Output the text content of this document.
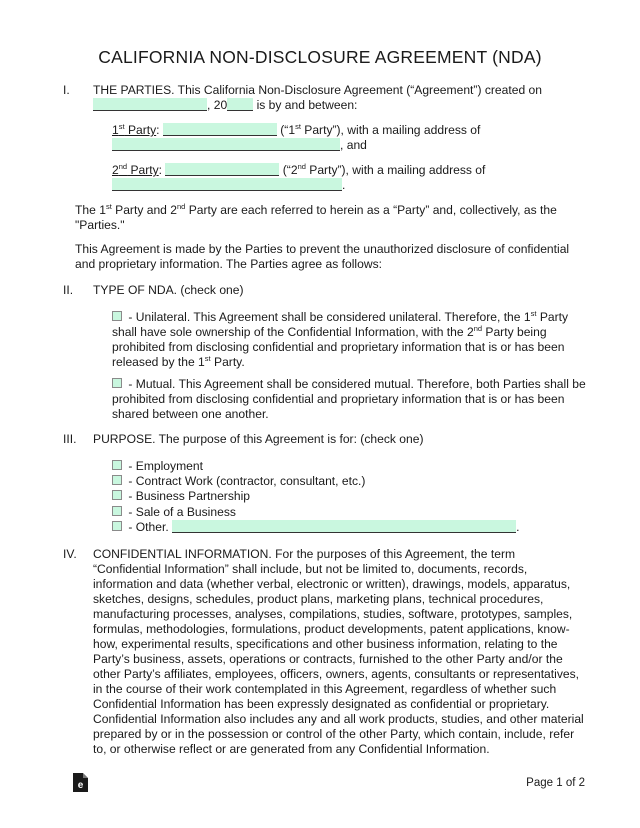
CALIFORNIA NON-DISCLOSURE AGREEMENT (NDA)
I. THE PARTIES. This California Non-Disclosure Agreement (“Agreement”) created on
, 20 is by and between:
1st Party:	(“1st Party”), with a mailing address of
, and
2nd Party:	(“2nd Party”), with a mailing address of
.
The 1st Party and 2nd Party are each referred to herein as a “Party” and, collectively, as the
"Parties."
This Agreement is made by the Parties to prevent the unauthorized disclosure of confidential
and proprietary information. The Parties agree as follows:
II. TYPE OF NDA. (check one)
- Unilateral. This Agreement shall be considered unilateral. Therefore, the 1st Party
shall have sole ownership of the Confidential Information, with the 2nd Party being
prohibited from disclosing confidential and proprietary information that is or has been
released by the 1st Party.
- Mutual. This Agreement shall be considered mutual. Therefore, both Parties shall be
prohibited from disclosing confidential and proprietary information that is or has been
shared between one another.
III. PURPOSE. The purpose of this Agreement is for: (check one)
- Employment
- Contract Work (contractor, consultant, etc.)
- Business Partnership
- Sale of a Business
- Other.	.
IV. CONFIDENTIAL INFORMATION. For the purposes of this Agreement, the term
“Confidential Information” shall include, but not be limited to, documents, records,
information and data (whether verbal, electronic or written), drawings, models, apparatus,
sketches, designs, schedules, product plans, marketing plans, technical procedures,
manufacturing processes, analyses, compilations, studies, software, prototypes, samples,
formulas, methodologies, formulations, product developments, patent applications, know-
how, experimental results, specifications and other business information, relating to the
Party’s business, assets, operations or contracts, furnished to the other Party and/or the
other Party’s affiliates, employees, officers, owners, agents, consultants or representatives,
in the course of their work contemplated in this Agreement, regardless of whether such
Confidential Information has been expressly designated as confidential or proprietary.
Confidential Information also includes any and all work products, studies, and other material
prepared by or in the possession or control of the other Party, which contain, include, refer
to, or otherwise reflect or are generated from any Confidential Information.
e	Page 1 of 2
